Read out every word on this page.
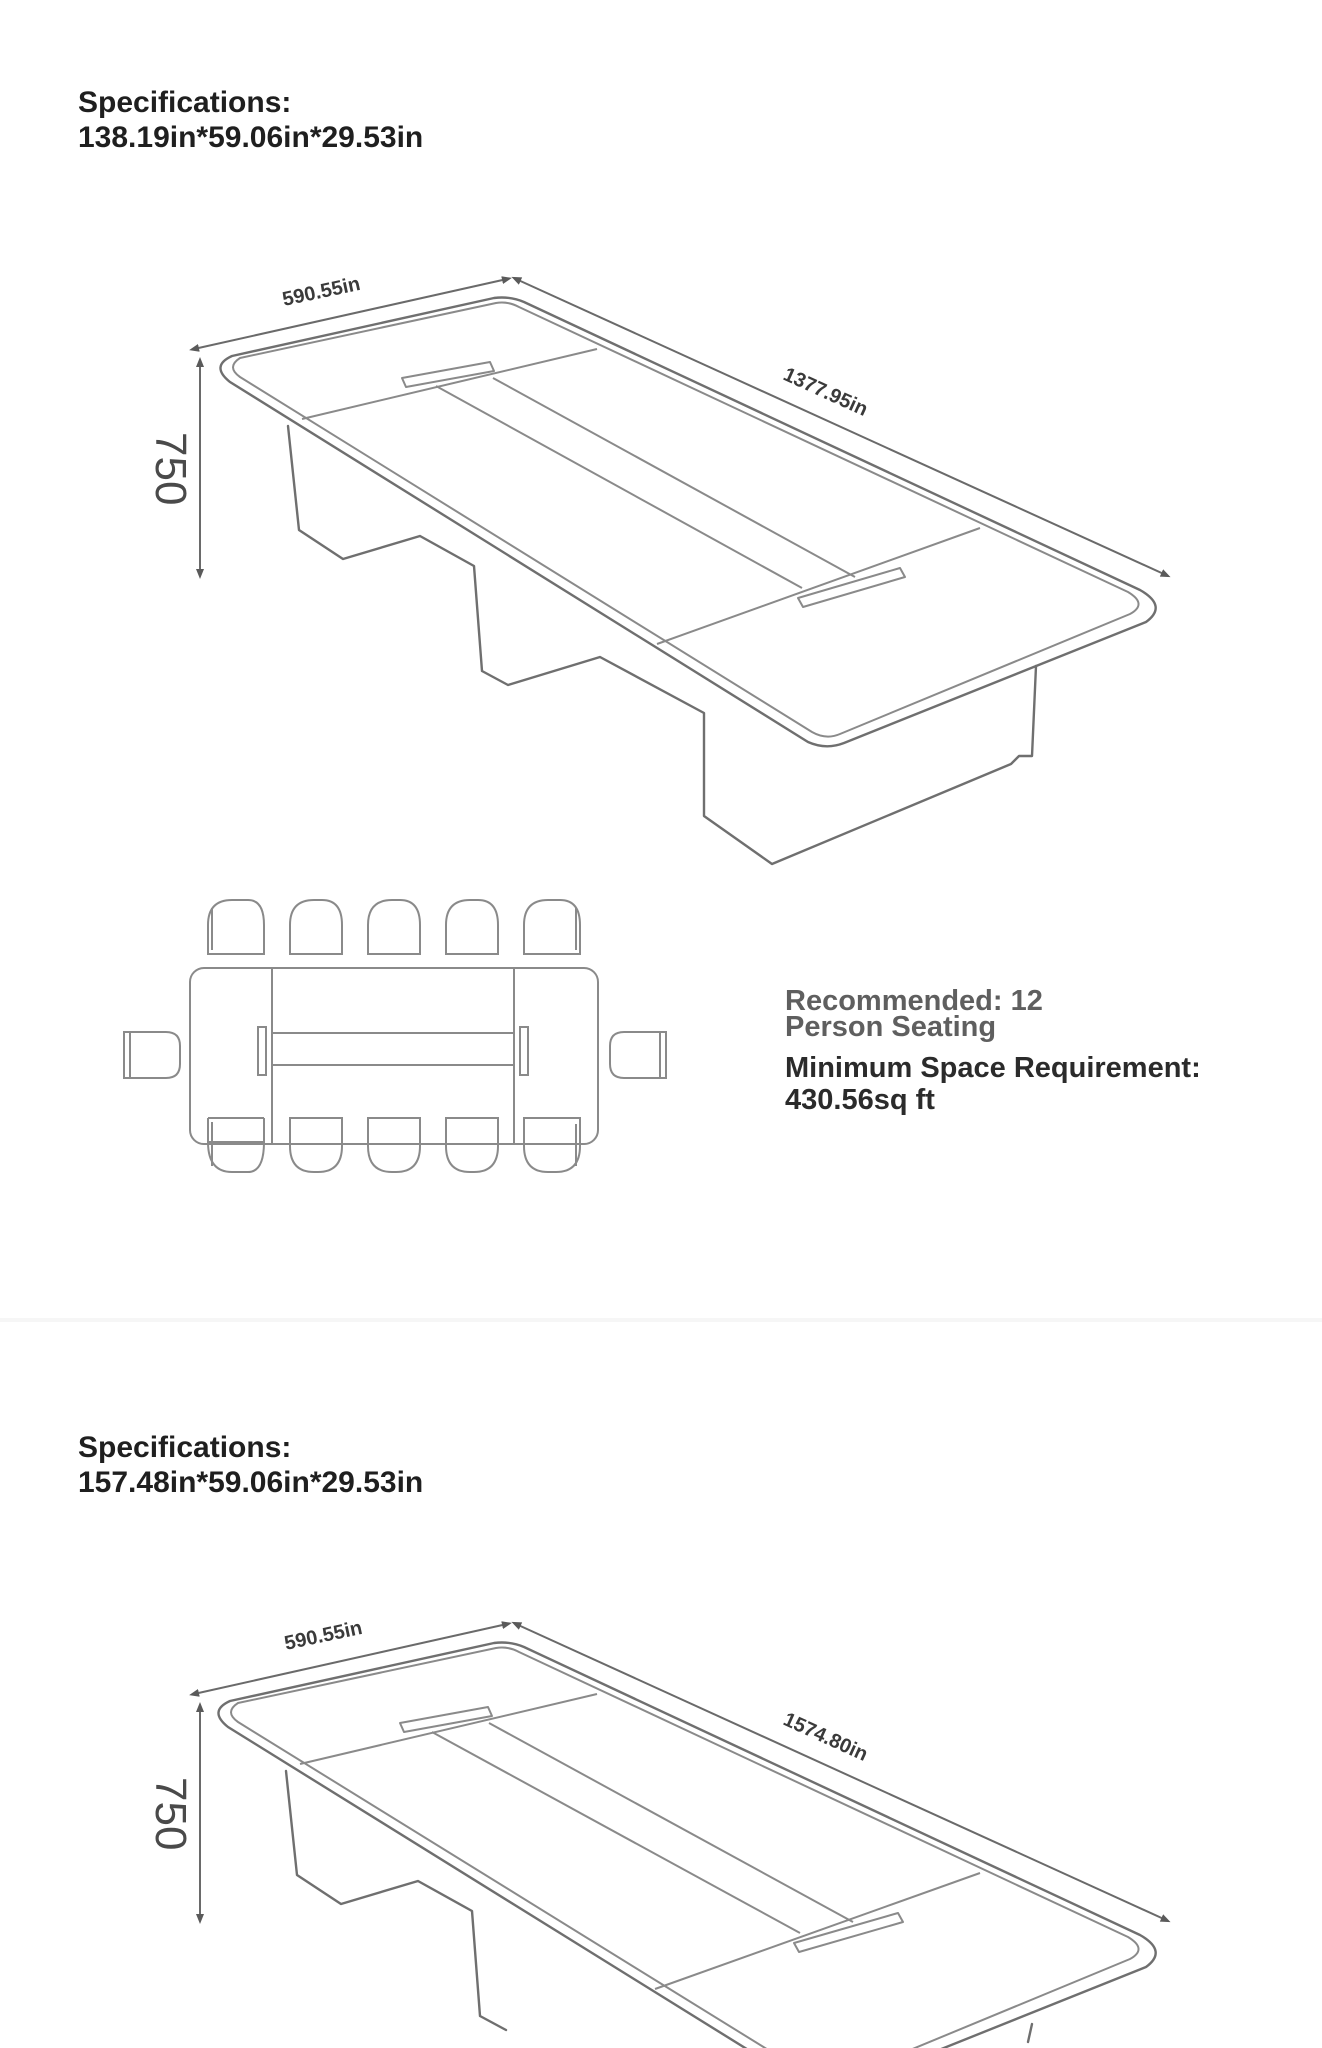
Specifications:
138.19in*59.06in*29.53in
590.55in
1377.95in
750
Recommended: 12
Person Seating
Minimum Space Requirement:
430.56sq ft
Specifications:
157.48in*59.06in*29.53in
590.55in
1574.80in
750
